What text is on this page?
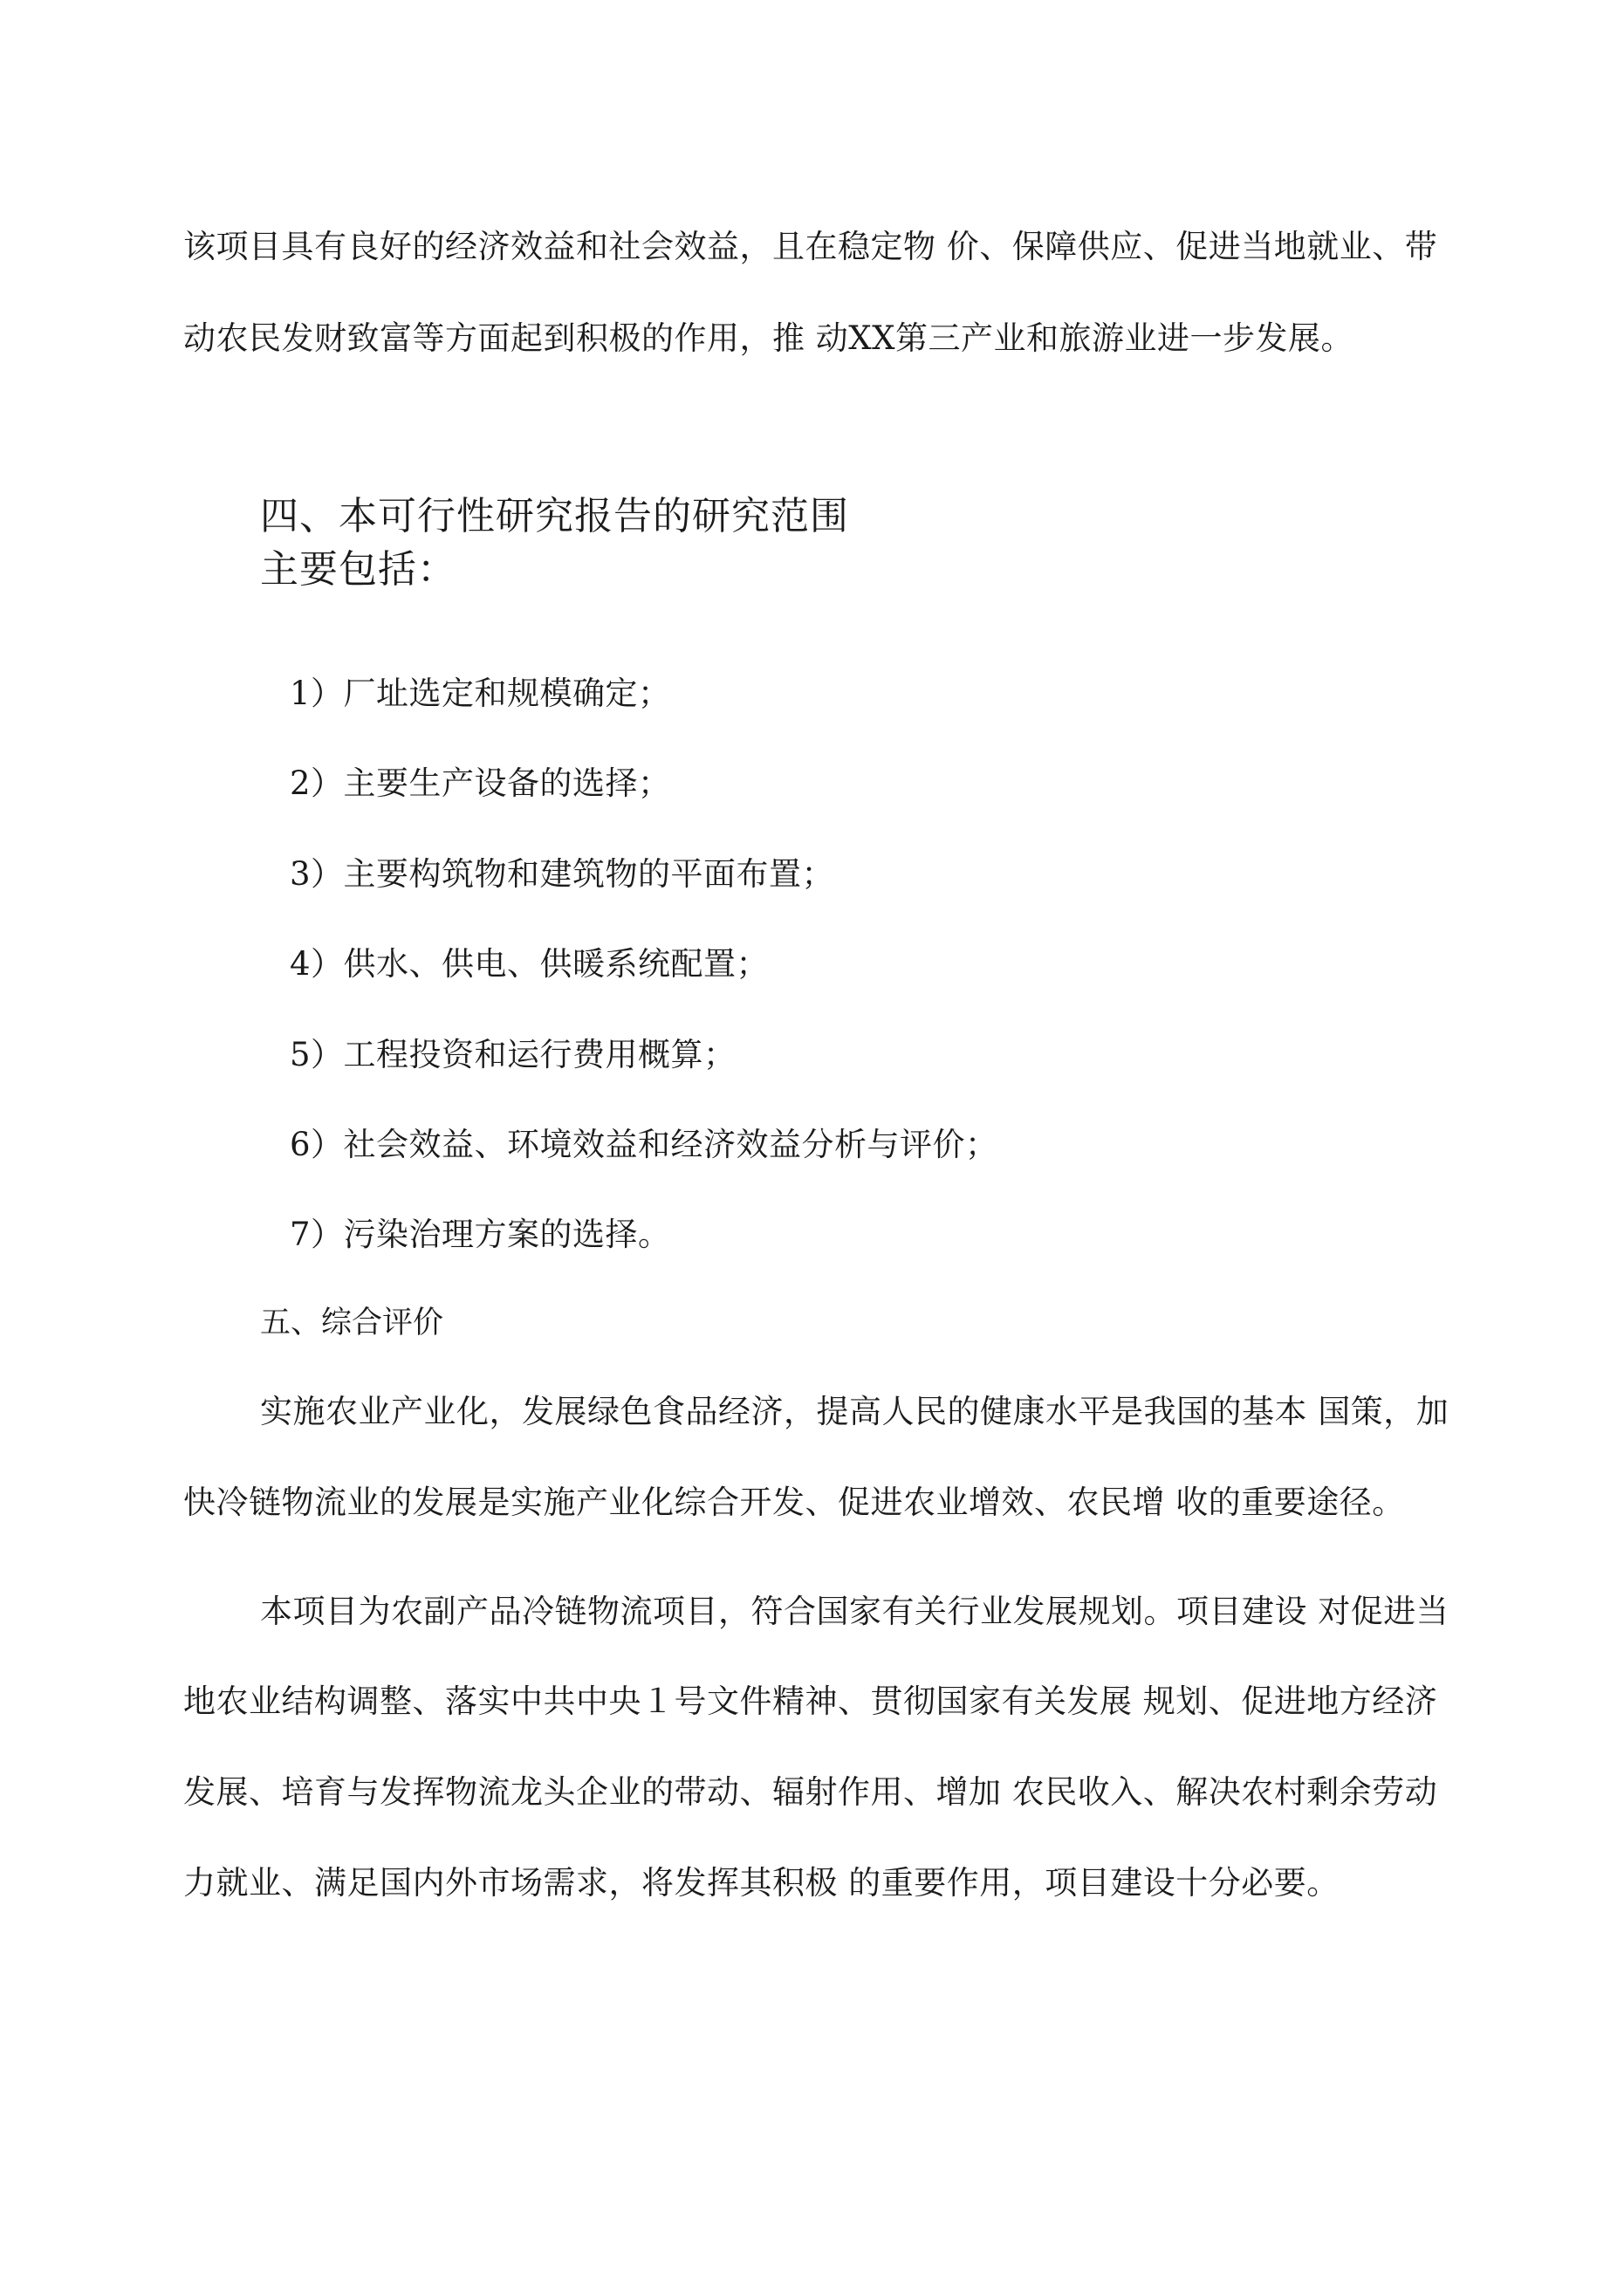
该项目具有良好的经济效益和社会效益，且在稳定物 价、保障供应、促进当地就业、带
动农民发财致富等方面起到积极的作用，推 动XX第三产业和旅游业进一步发展。
四、本可行性研究报告的研究范围
主要包括：
1）厂址选定和规模确定；
2）主要生产设备的选择；
3）主要构筑物和建筑物的平面布置；
4）供水、供电、供暖系统配置；
5）工程投资和运行费用概算；
6）社会效益、环境效益和经济效益分析与评价；
7）污染治理方案的选择。
五、综合评价
实施农业产业化，发展绿色食品经济，提高人民的健康水平是我国的基本 国策，加
快冷链物流业的发展是实施产业化综合开发、促进农业增效、农民增 收的重要途径。
本项目为农副产品冷链物流项目，符合国家有关行业发展规划。项目建设 对促进当
地农业结构调整、落实中共中央１号文件精神、贯彻国家有关发展 规划、促进地方经济
发展、培育与发挥物流龙头企业的带动、辐射作用、增加 农民收入、解决农村剩余劳动
力就业、满足国内外市场需求，将发挥其积极 的重要作用，项目建设十分必要。
